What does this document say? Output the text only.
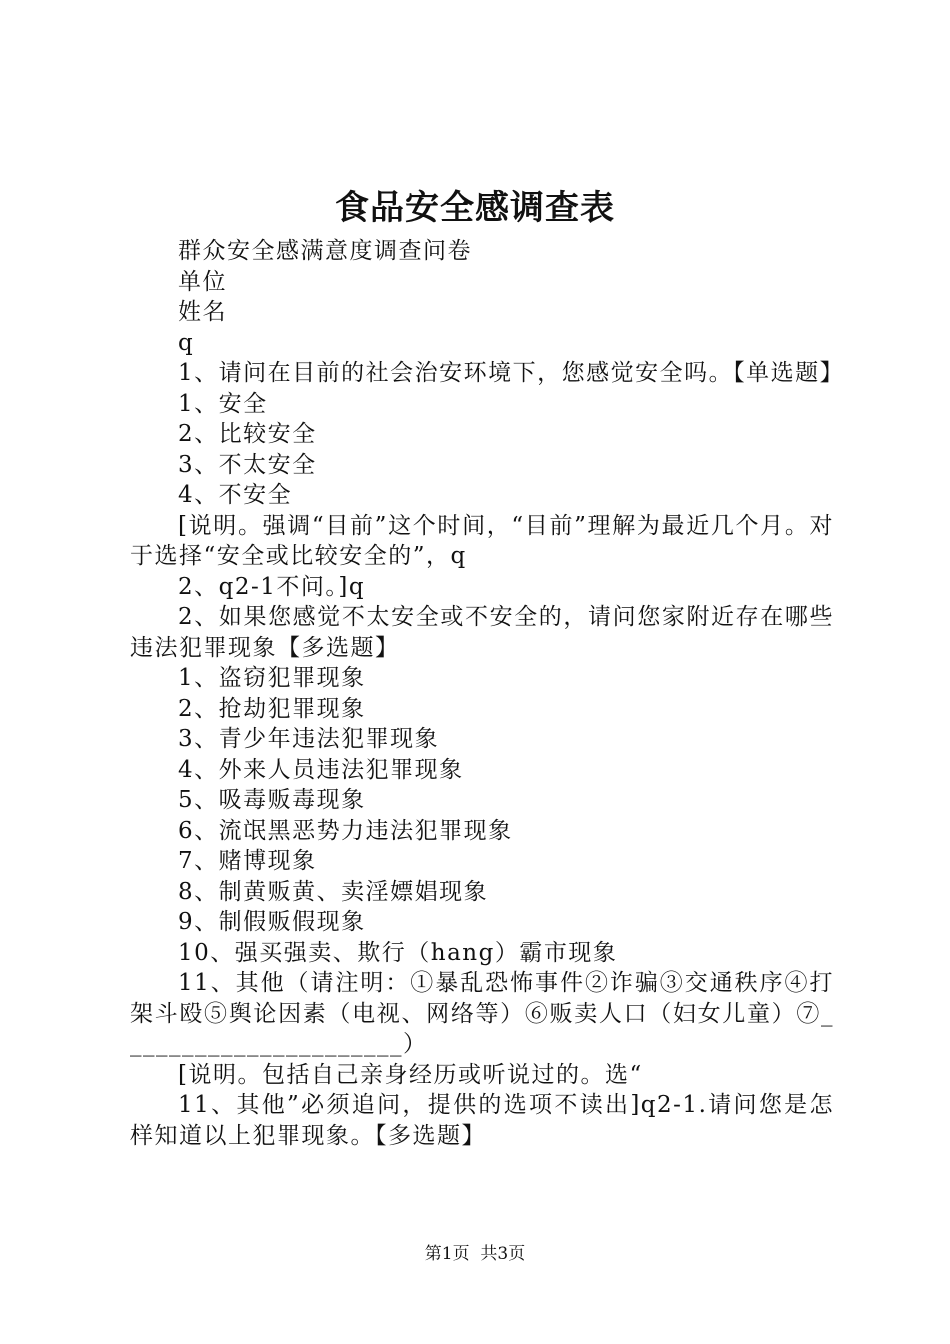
食品安全感调查表

群众安全感满意度调查问卷

单位

姓名

q

1、请问在目前的社会治安环境下，您感觉安全吗。【单选题】

1、安全

2、比较安全

3、不太安全

4、不安全

[说明。强调“目前”这个时间，“目前”理解为最近几个月。对于选择“安全或比较安全的”，q

2、q2-1不问。]q

2、如果您感觉不太安全或不安全的，请问您家附近存在哪些违法犯罪现象【多选题】

1、盗窃犯罪现象

2、抢劫犯罪现象

3、青少年违法犯罪现象

4、外来人员违法犯罪现象

5、吸毒贩毒现象

6、流氓黑恶势力违法犯罪现象

7、赌博现象

8、制黄贩黄、卖淫嫖娼现象

9、制假贩假现象

10、强买强卖、欺行（hang）霸市现象

11、其他（请注明：①暴乱恐怖事件②诈骗③交通秩序④打架斗殴⑤舆论因素（电视、网络等）⑥贩卖人口（妇女儿童）⑦______________________）

[说明。包括自己亲身经历或听说过的。选“

11、其他”必须追问，提供的选项不读出]q2-1.请问您是怎样知道以上犯罪现象。【多选题】

第1页 共3页
